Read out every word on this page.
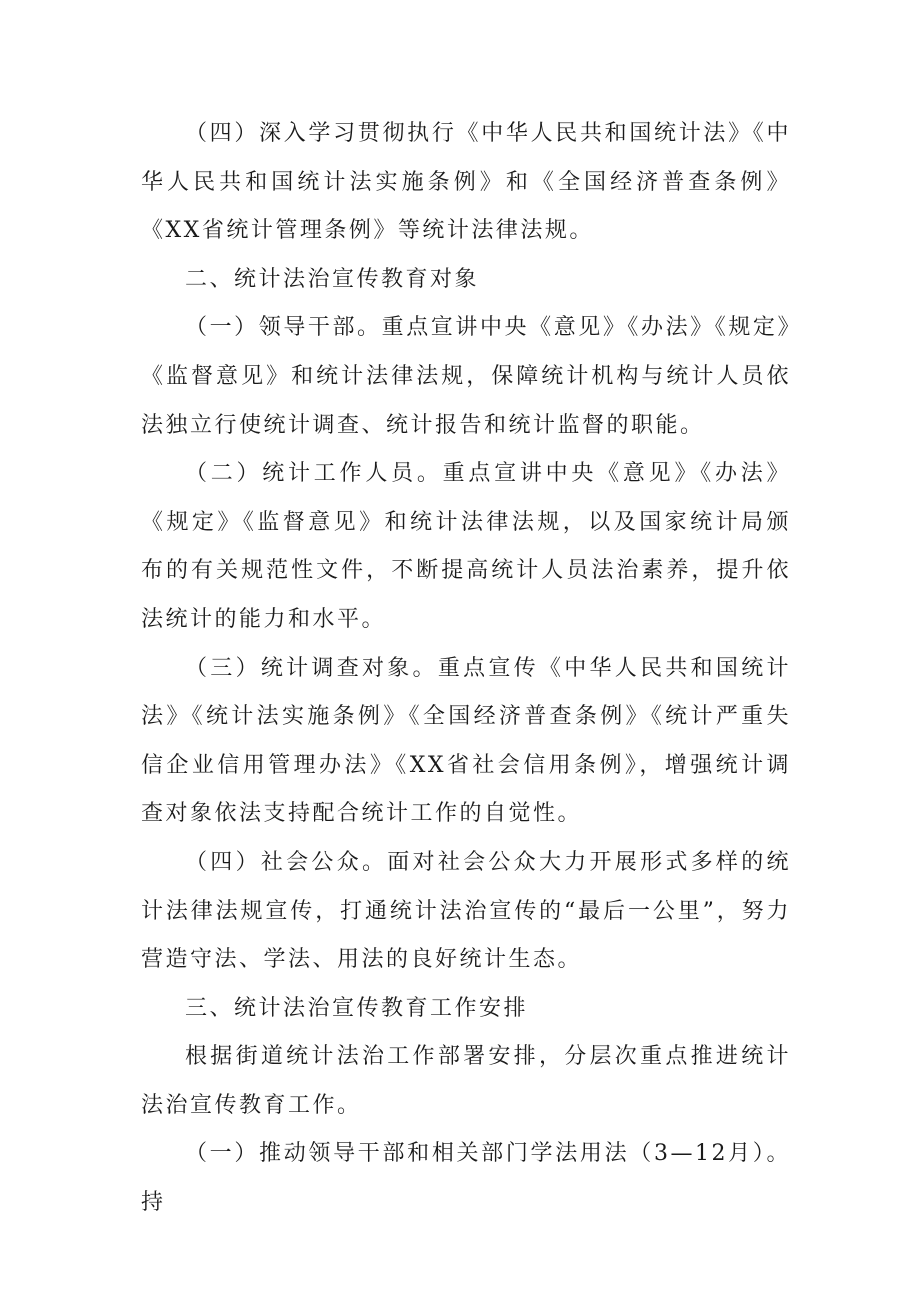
（四）深入学习贯彻执行《中华人民共和国统计法》《中华人民共和国统计法实施条例》和《全国经济普查条例》《XX省统计管理条例》等统计法律法规。

二、统计法治宣传教育对象

（一）领导干部。重点宣讲中央《意见》《办法》《规定》《监督意见》和统计法律法规，保障统计机构与统计人员依法独立行使统计调查、统计报告和统计监督的职能。

（二）统计工作人员。重点宣讲中央《意见》《办法》《规定》《监督意见》和统计法律法规，以及国家统计局颁布的有关规范性文件，不断提高统计人员法治素养，提升依法统计的能力和水平。

（三）统计调查对象。重点宣传《中华人民共和国统计法》《统计法实施条例》《全国经济普查条例》《统计严重失信企业信用管理办法》《XX省社会信用条例》，增强统计调查对象依法支持配合统计工作的自觉性。

（四）社会公众。面对社会公众大力开展形式多样的统计法律法规宣传，打通统计法治宣传的“最后一公里”，努力营造守法、学法、用法的良好统计生态。

三、统计法治宣传教育工作安排

根据街道统计法治工作部署安排，分层次重点推进统计法治宣传教育工作。

（一）推动领导干部和相关部门学法用法（3—12月）。持
